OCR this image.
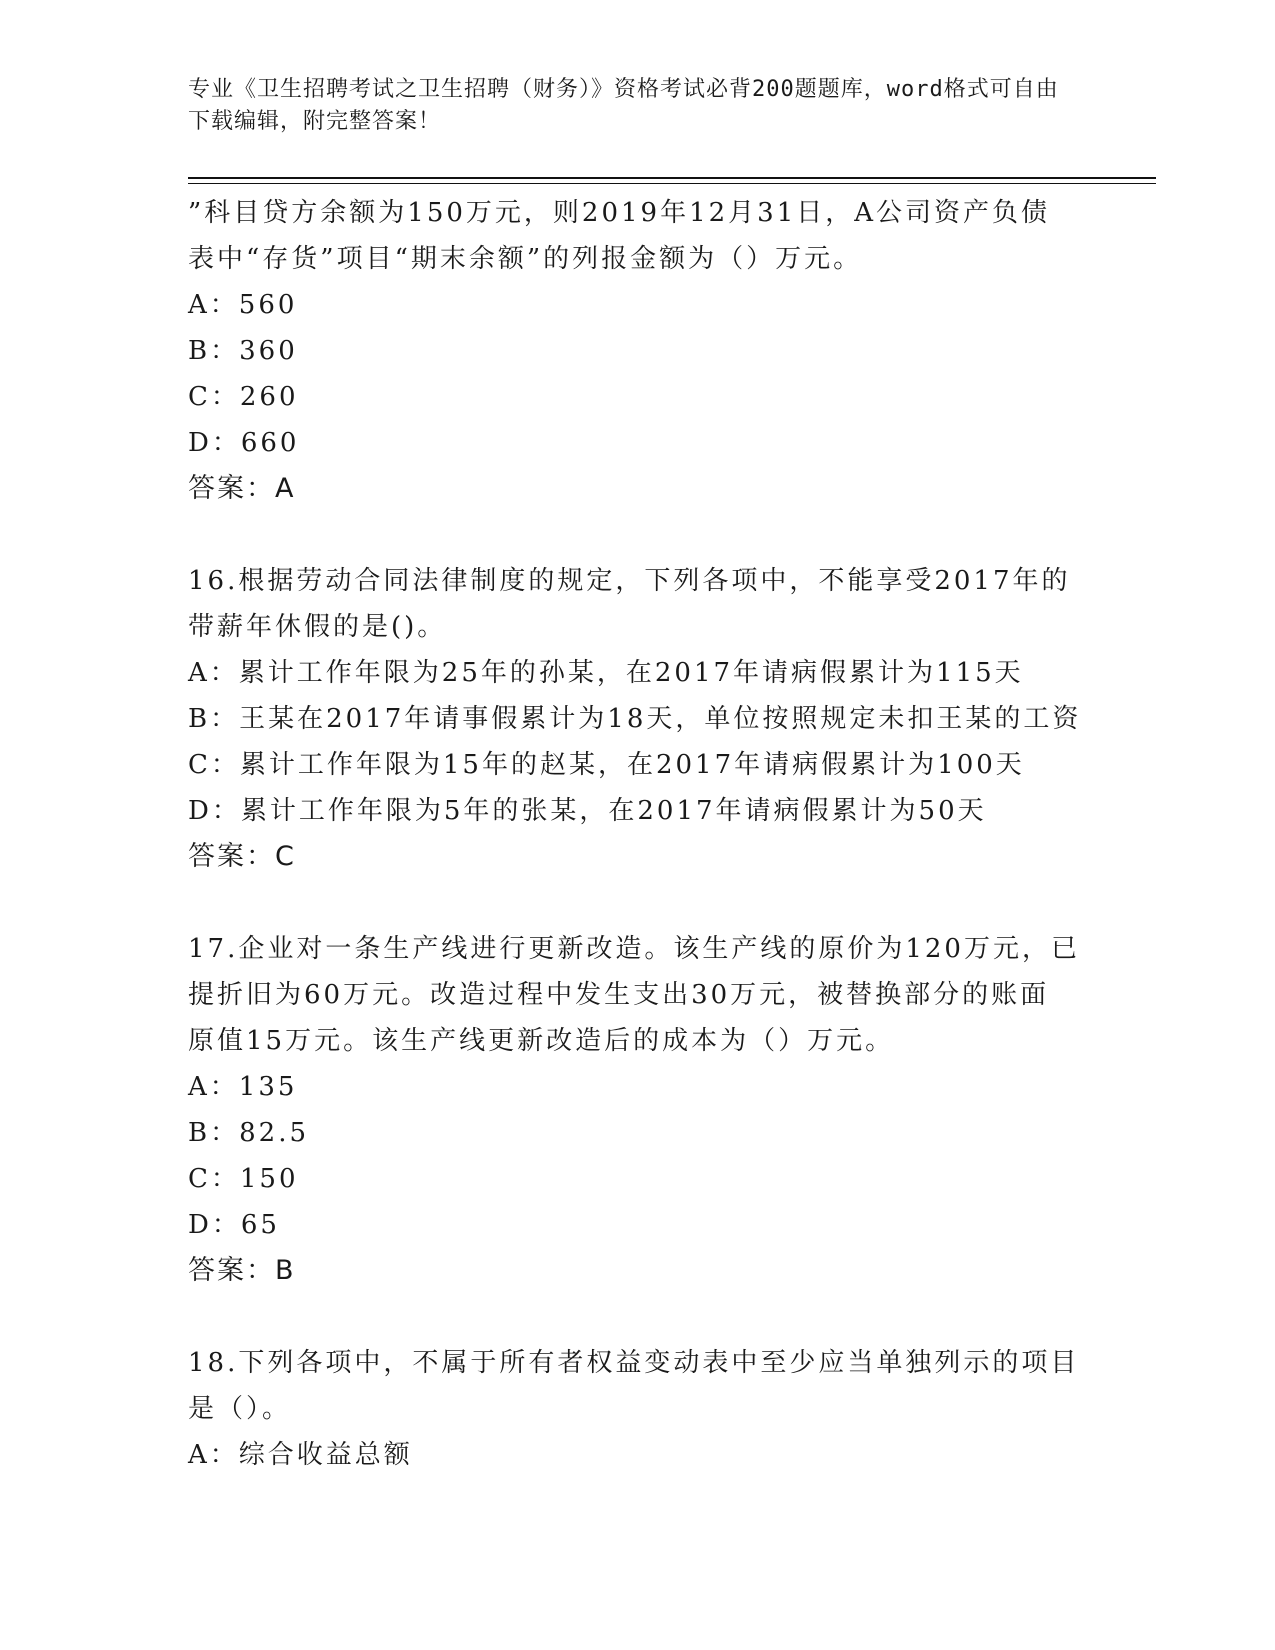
专业《卫生招聘考试之卫生招聘（财务）》资格考试必背200题题库，word格式可自由下载编辑，附完整答案！
”科目贷方余额为150万元，则2019年12月31日，A公司资产负债
表中“存货”项目“期末余额”的列报金额为（）万元。
A：560
B：360
C：260
D：660
答案：A
16.根据劳动合同法律制度的规定，下列各项中，不能享受2017年的
带薪年休假的是()。
A：累计工作年限为25年的孙某，在2017年请病假累计为115天
B：王某在2017年请事假累计为18天，单位按照规定未扣王某的工资
C：累计工作年限为15年的赵某，在2017年请病假累计为100天
D：累计工作年限为5年的张某，在2017年请病假累计为50天
答案：C
17.企业对一条生产线进行更新改造。该生产线的原价为120万元，已
提折旧为60万元。改造过程中发生支出30万元，被替换部分的账面
原值15万元。该生产线更新改造后的成本为（）万元。
A：135
B：82.5
C：150
D：65
答案：B
18.下列各项中，不属于所有者权益变动表中至少应当单独列示的项目
是（）。
A：综合收益总额
